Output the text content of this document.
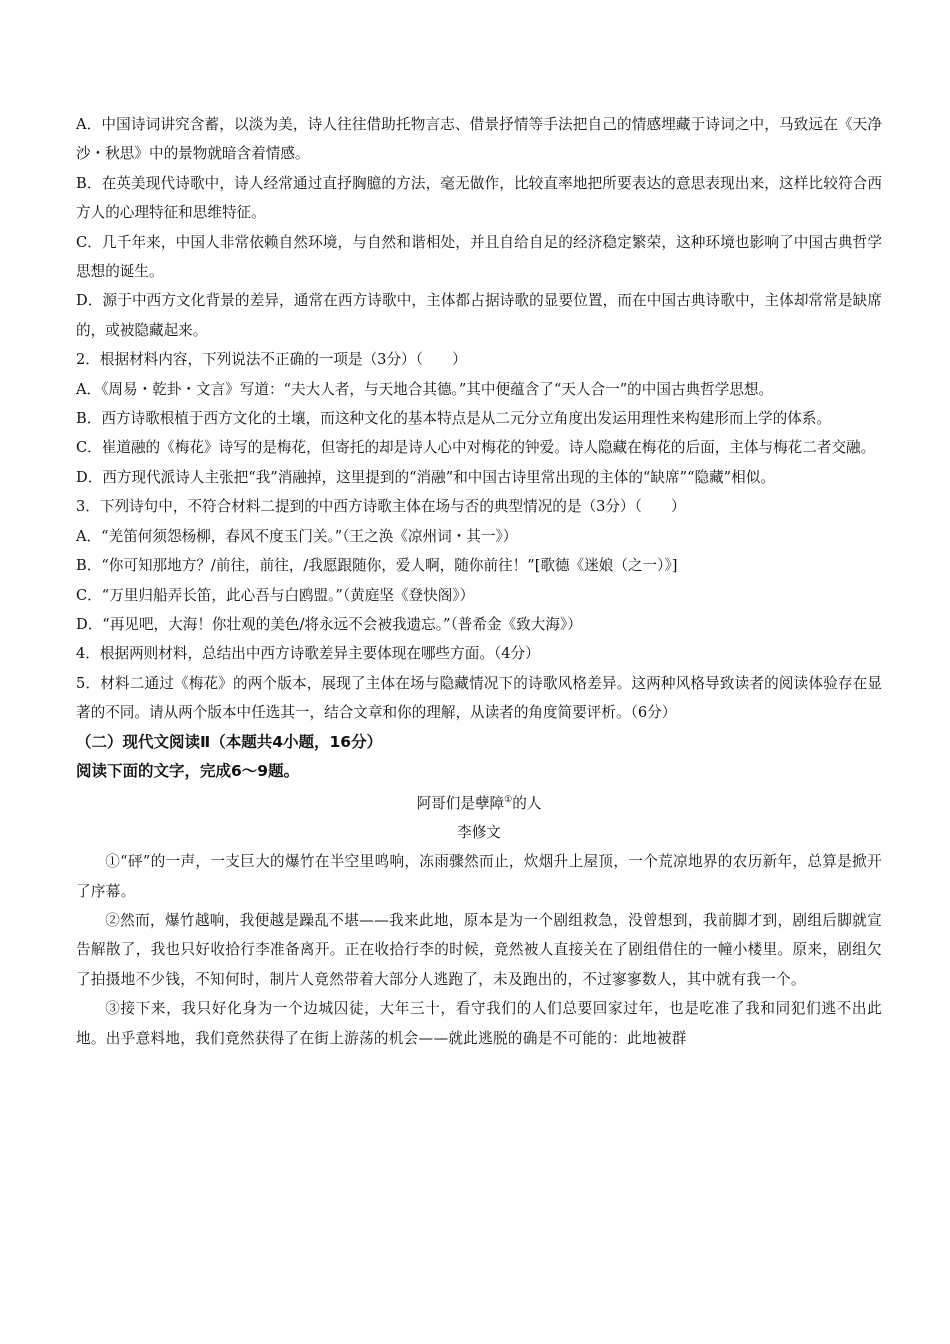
A．中国诗词讲究含蓄，以淡为美，诗人往往借助托物言志、借景抒情等手法把自己的情感埋藏于诗词之中，马致远在《天净沙・秋思》中的景物就暗含着情感。

B．在英美现代诗歌中，诗人经常通过直抒胸臆的方法，毫无做作，比较直率地把所要表达的意思表现出来，这样比较符合西方人的心理特征和思维特征。

C．几千年来，中国人非常依赖自然环境，与自然和谐相处，并且自给自足的经济稳定繁荣，这种环境也影响了中国古典哲学思想的诞生。

D．源于中西方文化背景的差异，通常在西方诗歌中，主体都占据诗歌的显要位置，而在中国古典诗歌中，主体却常常是缺席的，或被隐藏起来。

2．根据材料内容，下列说法不正确的一项是（3分）（　　）

A．《周易・乾卦・文言》写道：“夫大人者，与天地合其德。”其中便蕴含了“天人合一”的中国古典哲学思想。

B．西方诗歌根植于西方文化的土壤，而这种文化的基本特点是从二元分立角度出发运用理性来构建形而上学的体系。

C．崔道融的《梅花》诗写的是梅花，但寄托的却是诗人心中对梅花的钟爱。诗人隐藏在梅花的后面，主体与梅花二者交融。

D．西方现代派诗人主张把“我”消融掉，这里提到的“消融”和中国古诗里常出现的主体的“缺席”“隐藏”相似。

3．下列诗句中，不符合材料二提到的中西方诗歌主体在场与否的典型情况的是（3分）（　　）

A．“羌笛何须怨杨柳，春风不度玉门关。”（王之涣《凉州词・其一》）

B．“你可知那地方？/前往，前往，/我愿跟随你，爱人啊，随你前往！”[歌德《迷娘（之一）》]

C．“万里归船弄长笛，此心吾与白鸥盟。”（黄庭坚《登快阁》）

D．“再见吧，大海！你壮观的美色/将永远不会被我遗忘。”（普希金《致大海》）

4．根据两则材料，总结出中西方诗歌差异主要体现在哪些方面。（4分）

5．材料二通过《梅花》的两个版本，展现了主体在场与隐藏情况下的诗歌风格差异。这两种风格导致读者的阅读体验存在显著的不同。请从两个版本中任选其一，结合文章和你的理解，从读者的角度简要评析。（6分）

（二）现代文阅读Ⅱ（本题共4小题，16分）

阅读下面的文字，完成6～9题。

阿哥们是孽障①的人

李修文

①“砰”的一声，一支巨大的爆竹在半空里鸣响，冻雨骤然而止，炊烟升上屋顶，一个荒凉地界的农历新年，总算是掀开了序幕。

②然而，爆竹越响，我便越是躁乱不堪——我来此地，原本是为一个剧组救急，没曾想到，我前脚才到，剧组后脚就宣告解散了，我也只好收拾行李准备离开。正在收拾行李的时候，竟然被人直接关在了剧组借住的一幢小楼里。原来，剧组欠了拍摄地不少钱，不知何时，制片人竟然带着大部分人逃跑了，未及跑出的，不过寥寥数人，其中就有我一个。

③接下来，我只好化身为一个边城囚徒，大年三十，看守我们的人们总要回家过年，也是吃准了我和同犯们逃不出此地。出乎意料地，我们竟然获得了在街上游荡的机会——就此逃脱的确是不可能的：此地被群
